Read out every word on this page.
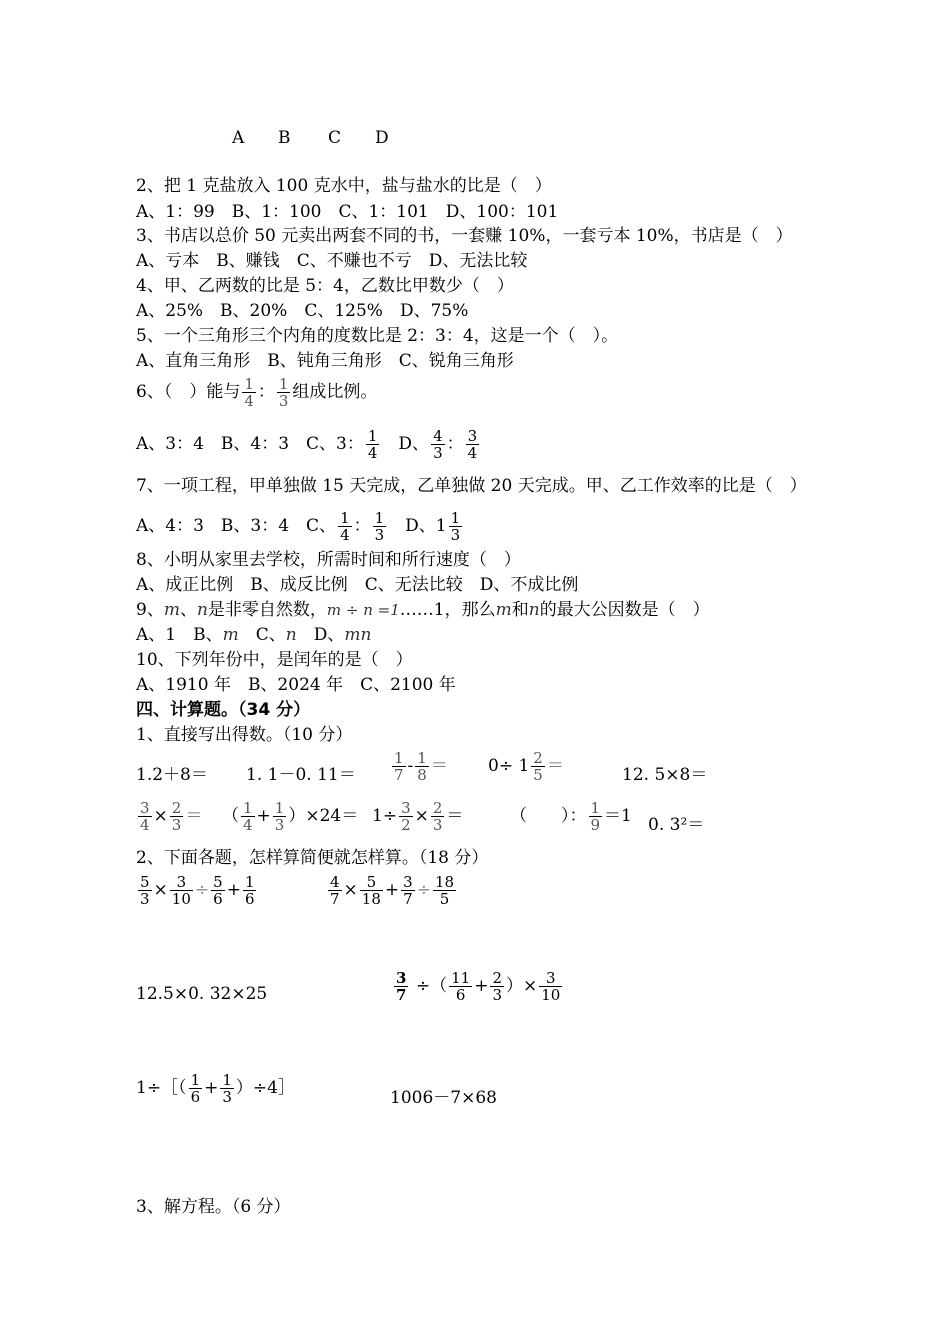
A B C D
2、把 1 克盐放入 100 克水中，盐与盐水的比是（　）
A、1：99　B、1：100　C、1：101　D、100：101
3、书店以总价 50 元卖出两套不同的书，一套赚 10%，一套亏本 10%，书店是（　）
A、亏本　B、赚钱　C、不赚也不亏　D、无法比较
4、甲、乙两数的比是 5：4，乙数比甲数少（　）
A、25%　B、20%　C、125%　D、75%
5、一个三角形三个内角的度数比是 2：3：4，这是一个（　）。
A、直角三角形　B、钝角三角形　C、锐角三角形
6、（　）能与 $\frac{1}{4}$ ： $\frac{1}{3}$ 组成比例。
A、3：4　 B、4：3　 C、3： $\frac{1}{4}$
　 D、 $\frac{4}{3}$ ： $\frac{3}{4}$
7、一项工程，甲单独做 15 天完成，乙单独做 20 天完成。甲、乙工作效率的比是（　）
A、4：3　 B、3：4　 C、 $\frac{1}{4}$ ： $\frac{1}{3}$
　 D、$1 \frac{1}{3}$
8、小明从家里去学校，所需时间和所行速度（　）
A、成正比例　B、成反比例　C、无法比较　D、不成比例
9、m、n是非零自然数，m ÷ n =1……1，那么m和n的最大公因数是（　）
A、1　 B、m　 C、n　 D、mn
10、下列年份中，是闰年的是（　）
A、1910 年　B、2024 年　C、2100 年
四、计算题。（34 分）
1、直接写出得数。（10 分）
1.2＋8＝ 1. 1－0. $11= \frac{1}{7} - \frac{1}{8} = 0\div 1 \frac{2}{5}$ ＝	12. 5×8＝
$\frac{3}{4} \times \frac{2}{3}$ ＝ （ $\frac{1}{4} + \frac{1}{3} )\times 24= 1\div \frac{3}{2} \times \frac{2}{3}$ ＝	（　　）： $\frac{1}{9} =1$ 0. 3²＝
2、下面各题，怎样算简便就怎样算。（18 分）
$\frac{5}{3} \times \frac{3}{10} \div \frac{5}{6} + \frac{1}{6}$	$\frac{4}{7} \times \frac{5}{18} + \frac{3}{7} \div \frac{18}{5}$
12.5×0. 32×25	$\frac{3}{7}$ ÷（ $\frac{11}{6} + \frac{2}{3}$ ）× $\frac{3}{10}$
1÷［（ $\frac{1}{6} + \frac{1}{3}$ ）÷4］	1006－7×68
3、解方程。（6 分）
